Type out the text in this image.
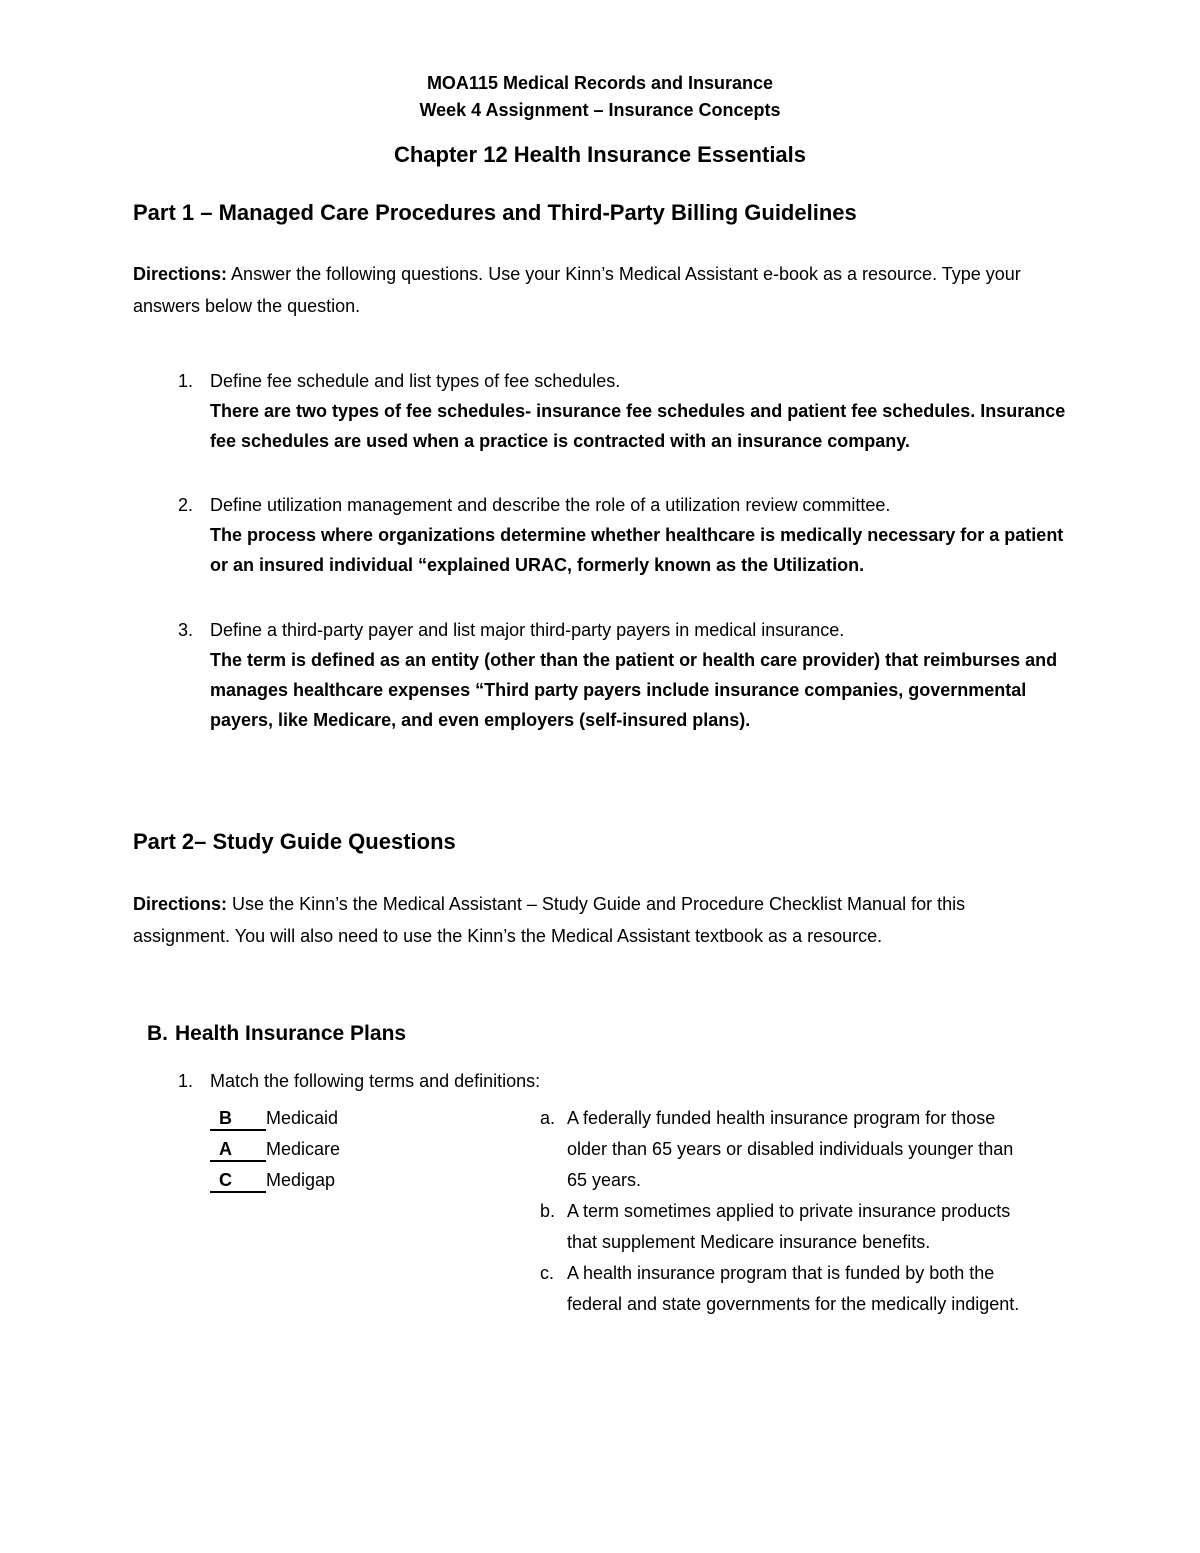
MOA115 Medical Records and Insurance
Week 4 Assignment – Insurance Concepts
Chapter 12 Health Insurance Essentials
Part 1 – Managed Care Procedures and Third-Party Billing Guidelines

Directions: Answer the following questions. Use your Kinn’s Medical Assistant e-book as a resource. Type your answers below the question.

1. Define fee schedule and list types of fee schedules.
There are two types of fee schedules- insurance fee schedules and patient fee schedules. Insurance fee schedules are used when a practice is contracted with an insurance company.
2. Define utilization management and describe the role of a utilization review committee.
The process where organizations determine whether healthcare is medically necessary for a patient or an insured individual “explained URAC, formerly known as the Utilization.
3. Define a third-party payer and list major third-party payers in medical insurance.
The term is defined as an entity (other than the patient or health care provider) that reimburses and manages healthcare expenses “Third party payers include insurance companies, governmental payers, like Medicare, and even employers (self-insured plans).
Part 2– Study Guide Questions

Directions: Use the Kinn’s the Medical Assistant – Study Guide and Procedure Checklist Manual for this assignment. You will also need to use the Kinn’s the Medical Assistant textbook as a resource.

B. Health Insurance Plans
1. Match the following terms and definitions:
B Medicaid
A Medicare
C Medigap
a. A federally funded health insurance program for those older than 65 years or disabled individuals younger than 65 years.
b. A term sometimes applied to private insurance products that supplement Medicare insurance benefits.
c. A health insurance program that is funded by both the federal and state governments for the medically indigent.
